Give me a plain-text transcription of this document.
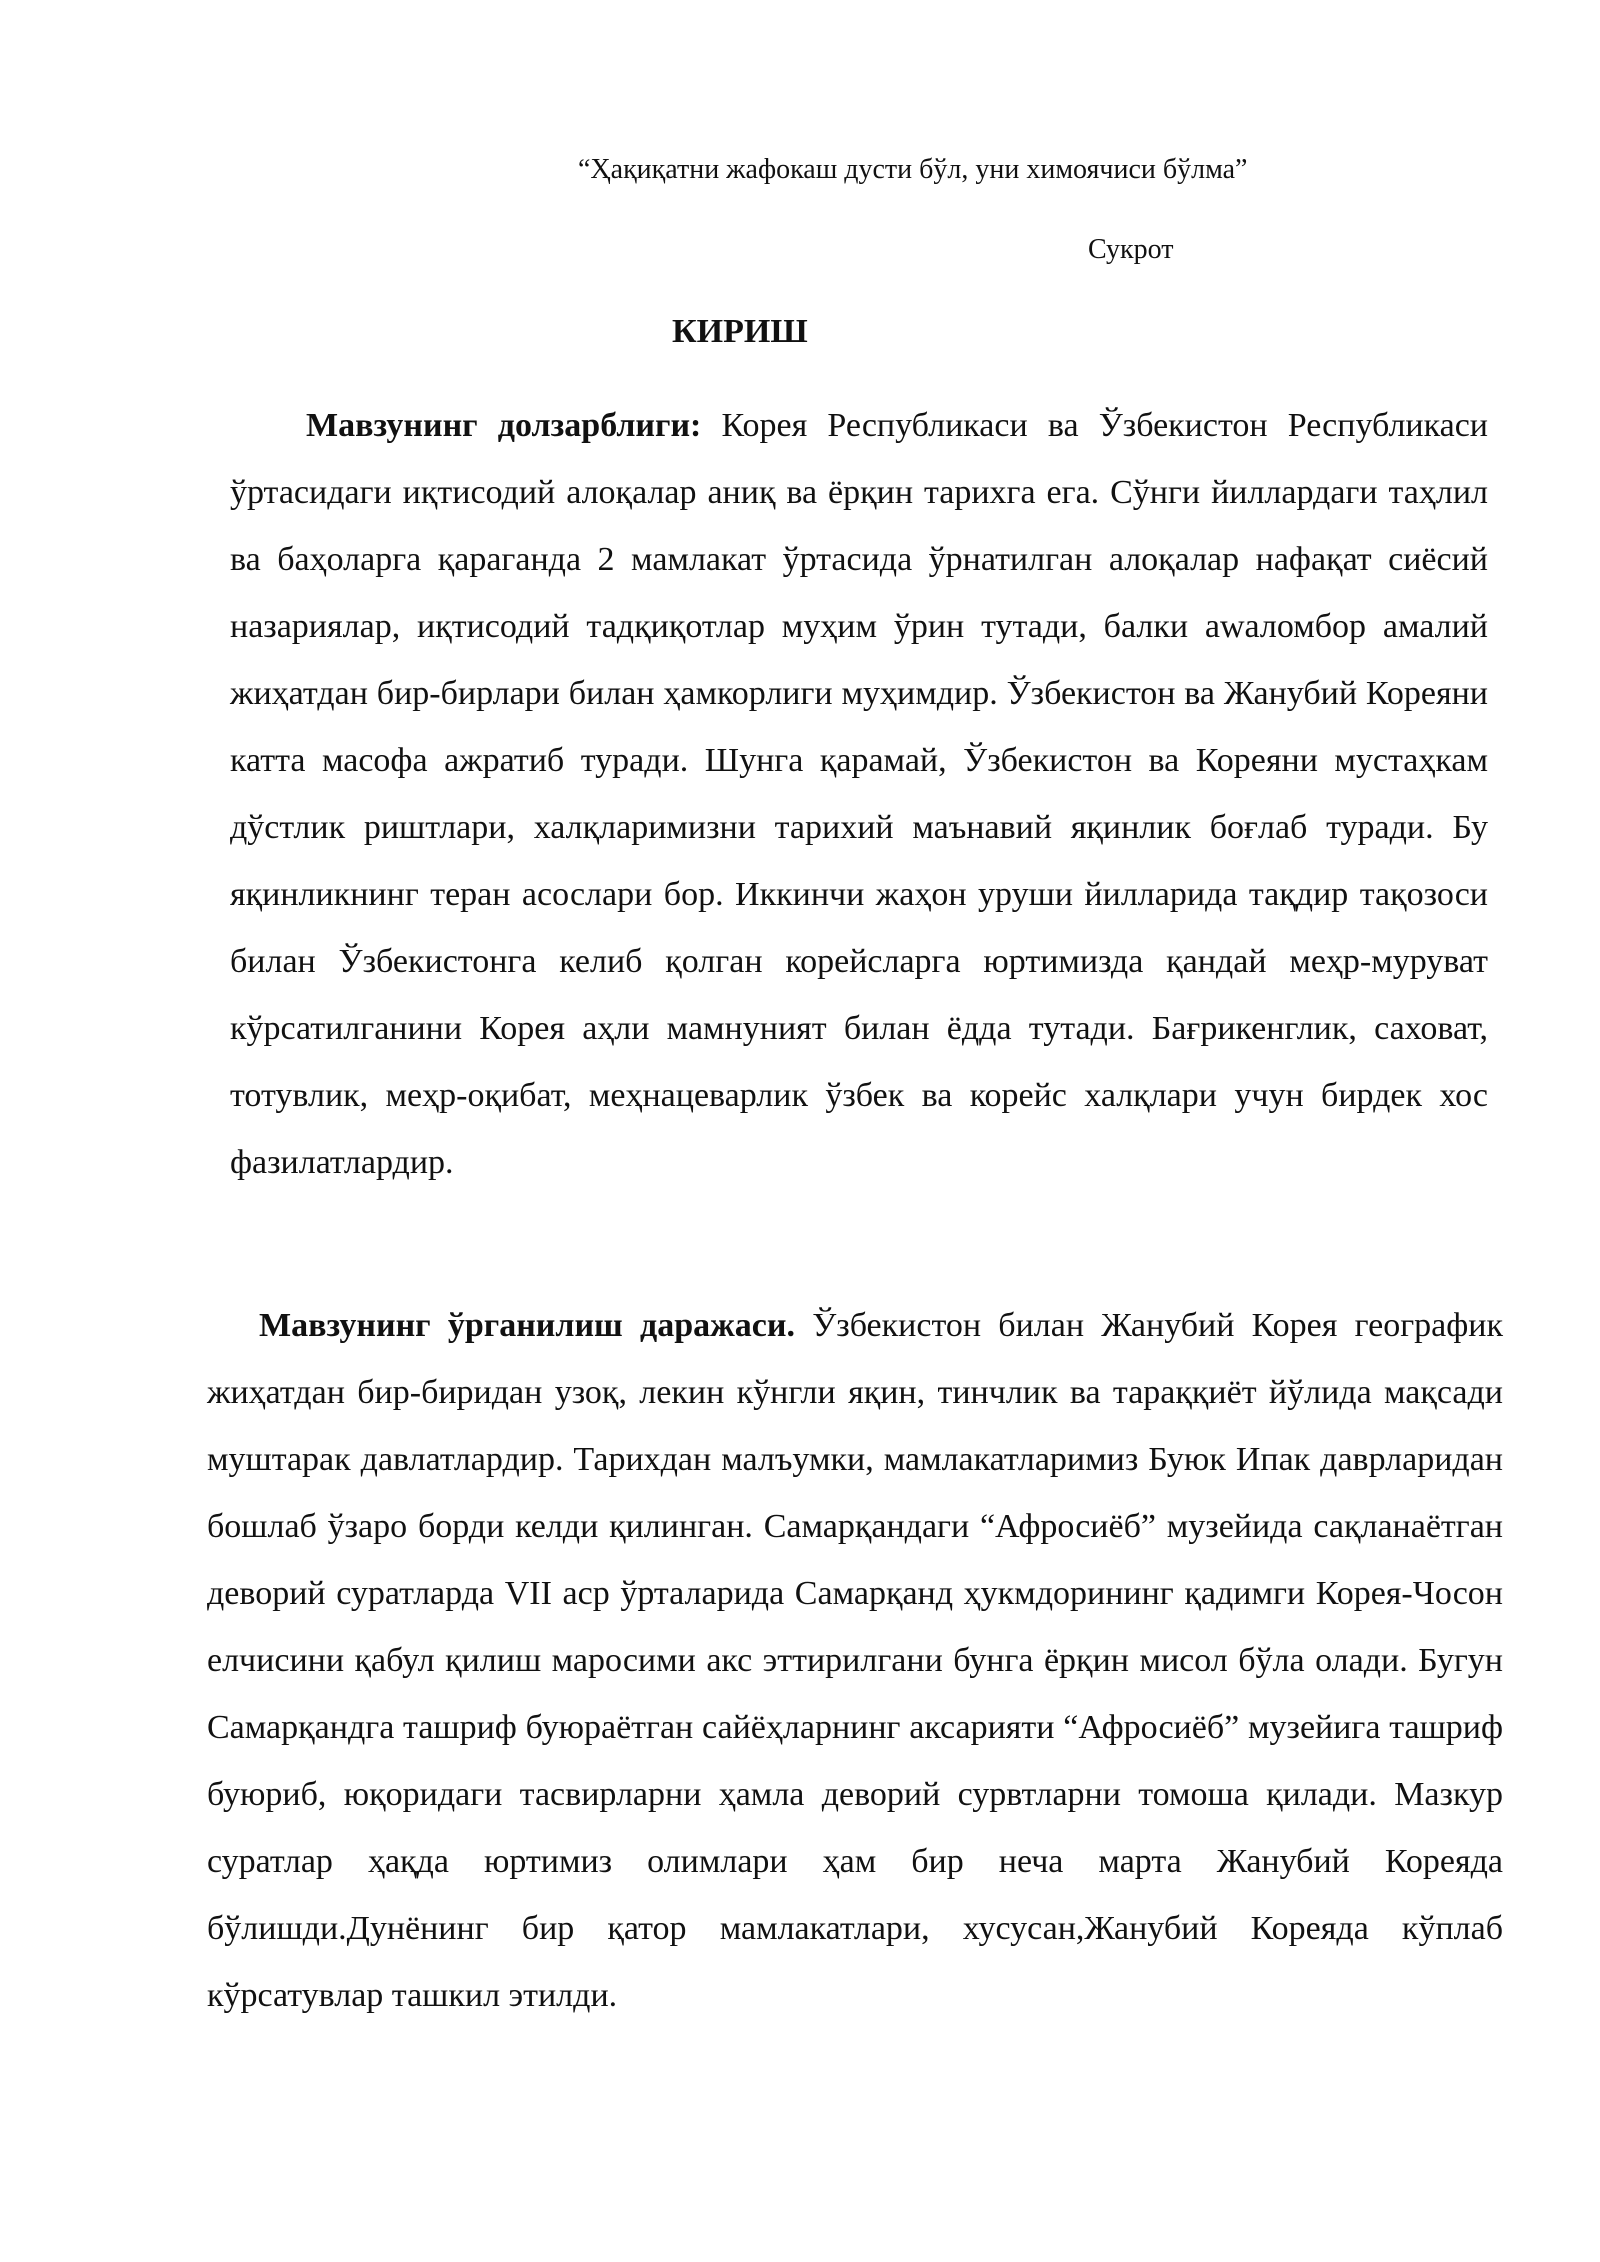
“Ҳақиқатни жафокаш дусти бўл, уни химоячиси бўлма”
Сукрот
КИРИШ

Мавзунинг долзарблиги: Корея Республикаси ва Ўзбекистон Республикаси ўртасидаги иқтисодий алоқалар аниқ ва ёрқин тарихга ега. Сўнги йиллардаги таҳлил ва баҳоларга қараганда 2 мамлакат ўртасида ўрнатилган алоқалар нафақат сиёсий назариялар, иқтисодий тадқиқотлар муҳим ўрин тутади, балки аwаломбор амалий жиҳатдан бир-бирлари билан ҳамкорлиги муҳимдир. Ўзбекистон ва Жанубий Кореяни катта масофа ажратиб туради. Шунга қарамай, Ўзбекистон ва Кореяни мустаҳкам дўстлик риштлари, халқларимизни тарихий маънавий яқинлик боғлаб туради. Бу яқинликнинг теран асослари бор. Иккинчи жаҳон уруши йилларида тақдир тақозоси билан Ўзбекистонга келиб қолган корейсларга юртимизда қандай меҳр-муруват кўрсатилганини Корея аҳли мамнуният билан ёдда тутади. Бағрикенглик, саховат, тотувлик, меҳр-оқибат, меҳнацеварлик ўзбек ва корейс халқлари учун бирдек хос фазилатлардир.

Мавзунинг ўрганилиш даражаси. Ўзбекистон билан Жанубий Корея географик жиҳатдан бир-биридан узоқ, лекин кўнгли яқин, тинчлик ва тараққиёт йўлида мақсади муштарак давлатлардир. Тарихдан малъумки, мамлакатларимиз Буюк Ипак даврларидан бошлаб ўзаро борди келди қилинган. Самарқандаги “Афросиёб” музейида сақланаётган деворий суратларда VII аср ўрталарида Самарқанд ҳукмдорининг қадимги Корея-Чосон елчисини қабул қилиш маросими акс эттирилгани бунга ёрқин мисол бўла олади. Бугун Самарқандга ташриф буюраётган сайёҳларнинг аксарияти “Афросиёб” музейига ташриф буюриб, юқоридаги тасвирларни ҳамла деворий сурвтларни томоша қилади. Мазкур суратлар ҳақда юртимиз олимлари ҳам бир неча марта Жанубий Кореяда бўлишди.Дунёнинг бир қатор мамлакатлари, хусусан,Жанубий Кореяда кўплаб кўрсатувлар ташкил этилди.
